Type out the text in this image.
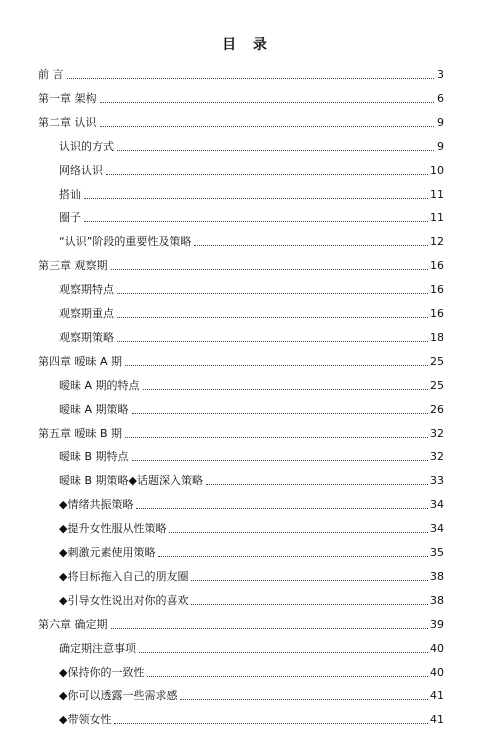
目 录
前 言	3
第一章 架构	6
第二章 认识	9
认识的方式	9
网络认识	10
搭讪	11
圈子	11
“认识”阶段的重要性及策略	12
第三章 观察期	16
观察期特点	16
观察期重点	16
观察期策略	18
第四章 暧昧 A 期	25
暧昧 A 期的特点	25
暧昧 A 期策略	26
第五章 暧昧 B 期	32
暧昧 B 期特点	32
暧昧 B 期策略◆话题深入策略	33
◆情绪共振策略	34
◆提升女性服从性策略	34
◆刺激元素使用策略	35
◆将目标拖入自己的朋友圈	38
◆引导女性说出对你的喜欢	38
第六章 确定期	39
确定期注意事项	40
◆保持你的一致性	40
◆你可以透露一些需求感	41
◆带领女性	41
